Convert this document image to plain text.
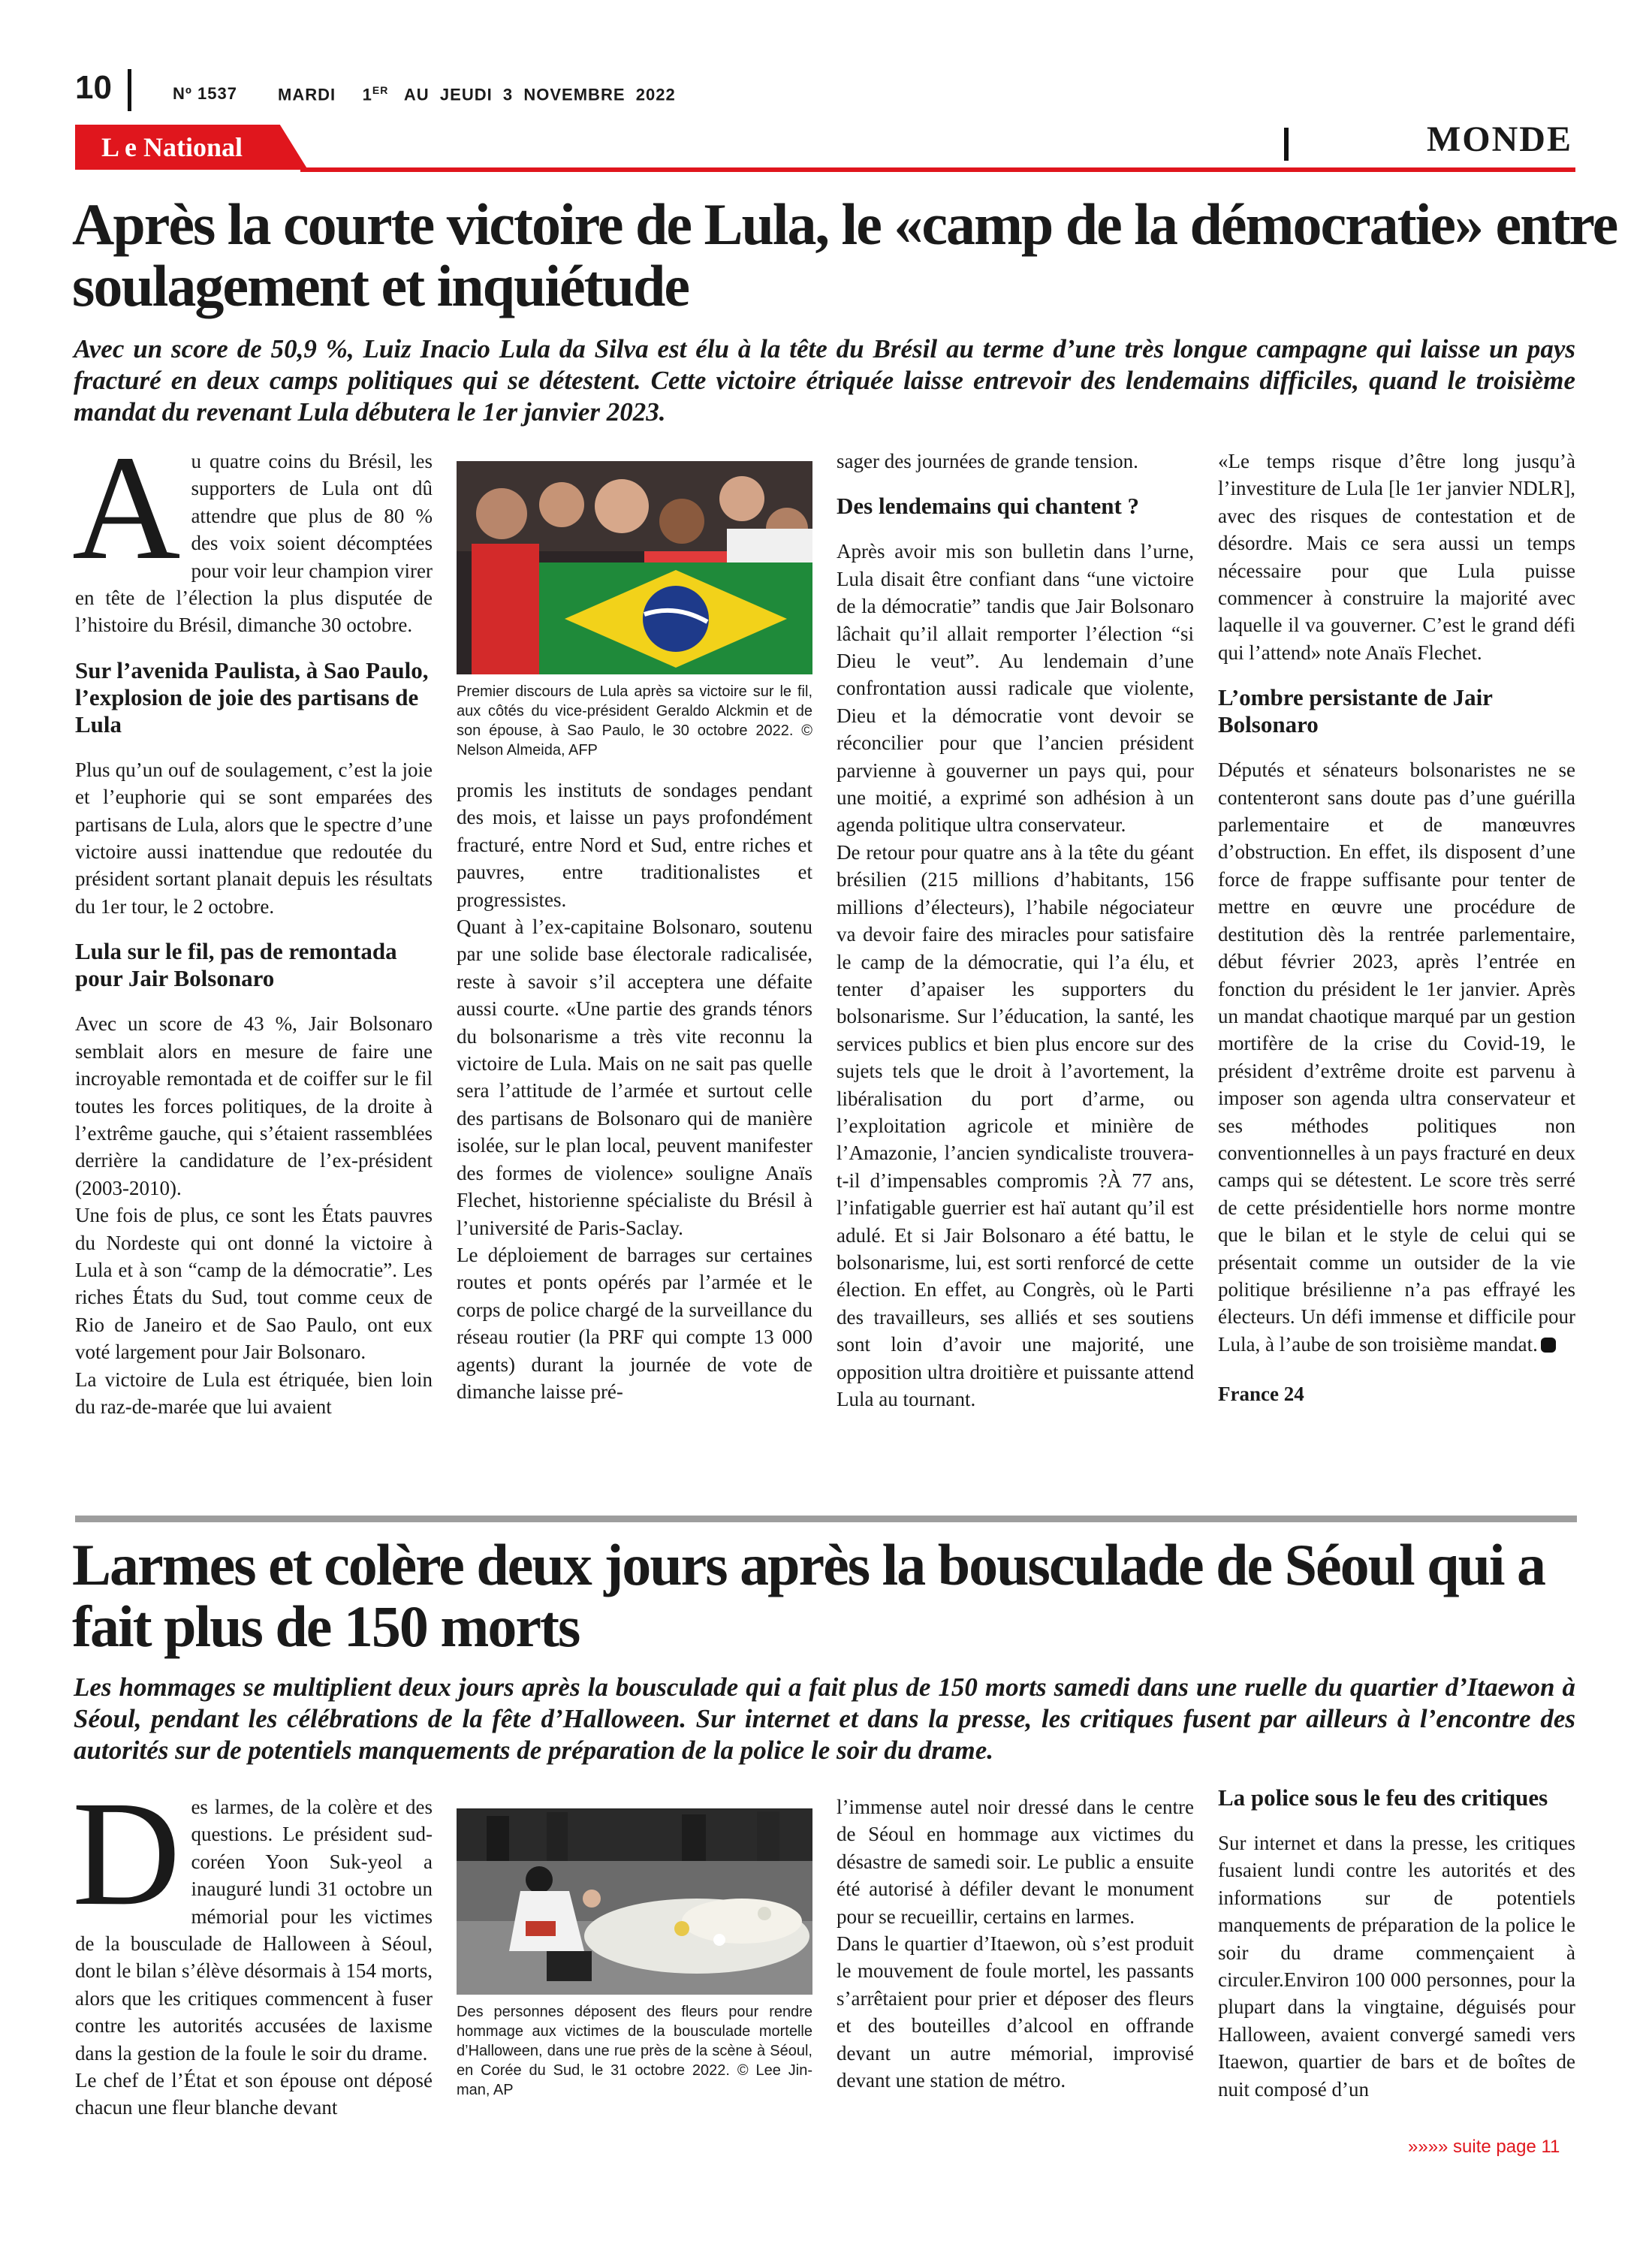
10	Nº 1537 MARDI 1ER AU  JEUDI  3  NOVEMBRE  2022
L e National	MONDE
Après la courte victoire de Lula, le «camp de la démocratie» entre soulagement et inquiétude

Avec un score de 50,9 %, Luiz Inacio Lula da Silva est élu à la tête du Brésil au terme d’une très longue campagne qui laisse un pays fracturé en deux camps politiques qui se détestent. Cette victoire étriquée laisse entrevoir des lendemains difficiles, quand le troisième mandat du revenant Lula débutera le 1er janvier 2023.

A u quatre coins du Brésil, les supporters de Lula ont dû attendre que plus de 80 % des voix soient décomptées pour voir leur champion virer en tête de l’élection la plus disputée de l’histoire du Brésil, dimanche 30 octobre.

Sur l’avenida Paulista, à Sao Paulo, l’explosion de joie des partisans de Lula

Plus qu’un ouf de soulagement, c’est la joie et l’euphorie qui se sont emparées des partisans de Lula, alors que le spectre d’une victoire aussi inattendue que redoutée du président sortant planait depuis les résultats du 1er tour, le 2 octobre.

Lula sur le fil, pas de remontada pour Jair Bolsonaro

Avec un score de 43 %, Jair Bolsonaro semblait alors en mesure de faire une incroyable remontada et de coiffer sur le fil toutes les forces politiques, de la droite à l’extrême gauche, qui s’étaient rassemblées derrière la candidature de l’ex-président (2003-2010).

Une fois de plus, ce sont les États pauvres du Nordeste qui ont donné la victoire à Lula et à son “camp de la démocratie”. Les riches États du Sud, tout comme ceux de Rio de Janeiro et de Sao Paulo, ont eux voté largement pour Jair Bolsonaro.

La victoire de Lula est étriquée, bien loin du raz-de-marée que lui avaient

Premier discours de Lula après sa victoire sur le fil, aux côtés du vice-président Geraldo Alckmin et de son épouse, à Sao Paulo, le 30 octobre 2022. © Nelson Almeida, AFP

promis les instituts de sondages pendant des mois, et laisse un pays profondément fracturé, entre Nord et Sud, entre riches et pauvres, entre traditionalistes et progressistes.

Quant à l’ex-capitaine Bolsonaro, soutenu par une solide base électorale radicalisée, reste à savoir s’il acceptera une défaite aussi courte. «Une partie des grands ténors du bolsonarisme a très vite reconnu la victoire de Lula. Mais on ne sait pas quelle sera l’attitude de l’armée et surtout celle des partisans de Bolsonaro qui de manière isolée, sur le plan local, peuvent manifester des formes de violence» souligne Anaïs Flechet, historienne spécialiste du Brésil à l’université de Paris-Saclay.

Le déploiement de barrages sur certaines routes et ponts opérés par l’armée et le corps de police chargé de la surveillance du réseau routier (la PRF qui compte 13 000 agents) durant la journée de vote de dimanche laisse pré-

sager des journées de grande tension.

Des lendemains qui chantent ?

Après avoir mis son bulletin dans l’urne, Lula disait être confiant dans “une victoire de la démocratie” tandis que Jair Bolsonaro lâchait qu’il allait remporter l’élection “si Dieu le veut”. Au lendemain d’une confrontation aussi radicale que violente, Dieu et la démocratie vont devoir se réconcilier pour que l’ancien président parvienne à gouverner un pays qui, pour une moitié, a exprimé son adhésion à un agenda politique ultra conservateur.

De retour pour quatre ans à la tête du géant brésilien (215 millions d’habitants, 156 millions d’électeurs), l’habile négociateur va devoir faire des miracles pour satisfaire le camp de la démocratie, qui l’a élu, et tenter d’apaiser les supporters du bolsonarisme. Sur l’éducation, la santé, les services publics et bien plus encore sur des sujets tels que le droit à l’avortement, la libéralisation du port d’arme, ou l’exploitation agricole et minière de l’Amazonie, l’ancien syndicaliste trouvera-t-il d’impensables compromis ?À 77 ans, l’infatigable guerrier est haï autant qu’il est adulé. Et si Jair Bolsonaro a été battu, le bolsonarisme, lui, est sorti renforcé de cette élection. En effet, au Congrès, où le Parti des travailleurs, ses alliés et ses soutiens sont loin d’avoir une majorité, une opposition ultra droitière et puissante attend Lula au tournant.

«Le temps risque d’être long jusqu’à l’investiture de Lula [le 1er janvier NDLR], avec des risques de contestation et de désordre. Mais ce sera aussi un temps nécessaire pour que Lula puisse commencer à construire la majorité avec laquelle il va gouverner. C’est le grand défi qui l’attend» note Anaïs Flechet.

L’ombre persistante de Jair Bolsonaro

Députés et sénateurs bolsonaristes ne se contenteront sans doute pas d’une guérilla parlementaire et de manœuvres d’obstruction. En effet, ils disposent d’une force de frappe suffisante pour tenter de mettre en œuvre une procédure de destitution dès la rentrée parlementaire, début février 2023, après l’entrée en fonction du président le 1er janvier. Après un mandat chaotique marqué par un gestion mortifère de la crise du Covid-19, le président d’extrême droite est parvenu à imposer son agenda ultra conservateur et ses méthodes politiques non conventionnelles à un pays fracturé en deux camps qui se détestent. Le score très serré de cette présidentielle hors norme montre que le bilan et le style de celui qui se présentait comme un outsider de la vie politique brésilienne n’a pas effrayé les électeurs. Un défi immense et difficile pour Lula, à l’aube de son troisième mandat.

France 24

Larmes et colère deux jours après la bousculade de Séoul qui a fait plus de 150 morts

Les hommages se multiplient deux jours après la bousculade qui a fait plus de 150 morts samedi dans une ruelle du quartier d’Itaewon à Séoul, pendant les célébrations de la fête d’Halloween. Sur internet et dans la presse, les critiques fusent par ailleurs à l’encontre des autorités sur de potentiels manquements de préparation de la police le soir du drame.

D es larmes, de la colère et des questions. Le président sud-coréen Yoon Suk-yeol a inauguré lundi 31 octobre un mémorial pour les victimes de la bousculade de Halloween à Séoul, dont le bilan s’élève désormais à 154 morts, alors que les critiques commencent à fuser contre les autorités accusées de laxisme dans la gestion de la foule le soir du drame.

Le chef de l’État et son épouse ont déposé chacun une fleur blanche devant

Des personnes déposent des fleurs pour rendre hommage aux victimes de la bousculade mortelle d’Halloween, dans une rue près de la scène à Séoul, en Corée du Sud, le 31 octobre 2022. © Lee Jin-man, AP

l’immense autel noir dressé dans le centre de Séoul en hommage aux victimes du désastre de samedi soir. Le public a ensuite été autorisé à défiler devant le monument pour se recueillir, certains en larmes.

Dans le quartier d’Itaewon, où s’est produit le mouvement de foule mortel, les passants s’arrêtaient pour prier et déposer des fleurs et des bouteilles d’alcool en offrande devant un autre mémorial, improvisé devant une station de métro.

La police sous le feu des critiques

Sur internet et dans la presse, les critiques fusaient lundi contre les autorités et des informations sur de potentiels manquements de préparation de la police le soir du drame commençaient à circuler.Environ 100 000 personnes, pour la plupart dans la vingtaine, déguisés pour Halloween, avaient convergé samedi vers Itaewon, quartier de bars et de boîtes de nuit composé d’un

»»»» suite page 11
